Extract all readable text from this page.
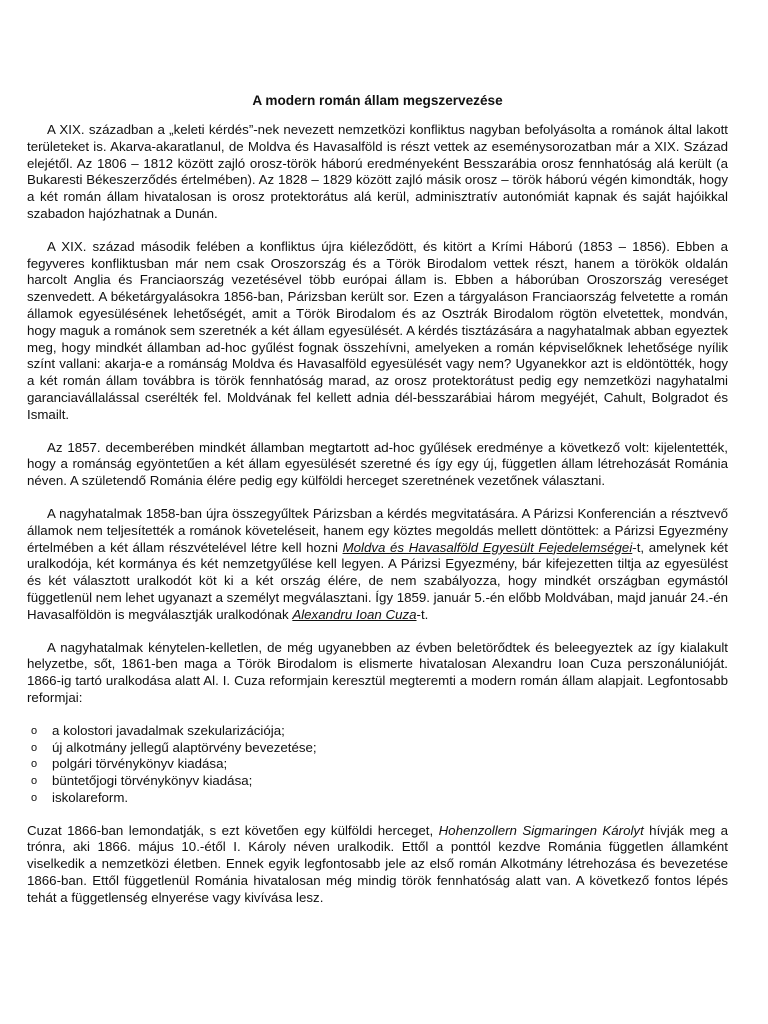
A modern román állam megszervezése

A XIX. században a „keleti kérdés”-nek nevezett nemzetközi konfliktus nagyban befolyásolta a románok által lakott területeket is. Akarva-akaratlanul, de Moldva és Havasalföld is részt vettek az eseménysorozatban már a XIX. Század elejétől. Az 1806 – 1812 között zajló orosz-török háború eredményeként Besszarábia orosz fennhatóság alá került (a Bukaresti Békeszerződés értelmében). Az 1828 – 1829 között zajló másik orosz – török háború végén kimondták, hogy a két román állam hivatalosan is orosz protektorátus alá kerül, adminisztratív autonómiát kapnak és saját hajóikkal szabadon hajózhatnak a Dunán.

A XIX. század második felében a konfliktus újra kiéleződött, és kitört a Krími Háború (1853 – 1856). Ebben a fegyveres konfliktusban már nem csak Oroszország és a Török Birodalom vettek részt, hanem a törökök oldalán harcolt Anglia és Franciaország vezetésével több európai állam is. Ebben a háborúban Oroszország vereséget szenvedett. A béketárgyalásokra 1856-ban, Párizsban került sor. Ezen a tárgyaláson Franciaország felvetette a román államok egyesülésének lehetőségét, amit a Török Birodalom és az Osztrák Birodalom rögtön elvetettek, mondván, hogy maguk a románok sem szeretnék a két állam egyesülését. A kérdés tisztázására a nagyhatalmak abban egyeztek meg, hogy mindkét államban ad-hoc gyűlést fognak összehívni, amelyeken a román képviselőknek lehetősége nyílik színt vallani: akarja-e a románság Moldva és Havasalföld egyesülését vagy nem? Ugyanekkor azt is eldöntötték, hogy a két román állam továbbra is török fennhatóság marad, az orosz protektorátust pedig egy nemzetközi nagyhatalmi garanciavállalással cserélték fel. Moldvának fel kellett adnia dél-besszarábiai három megyéjét, Cahult, Bolgradot és Ismailt.

Az 1857. decemberében mindkét államban megtartott ad-hoc gyűlések eredménye a következő volt: kijelentették, hogy a románság egyöntetűen a két állam egyesülését szeretné és így egy új, független állam létrehozását Románia néven. A születendő Románia élére pedig egy külföldi herceget szeretnének vezetőnek választani.

A nagyhatalmak 1858-ban újra összegyűltek Párizsban a kérdés megvitatására. A Párizsi Konferencián a résztvevő államok nem teljesítették a románok követeléseit, hanem egy köztes megoldás mellett döntöttek: a Párizsi Egyezmény értelmében a két állam részvételével létre kell hozni Moldva és Havasalföld Egyesült Fejedelemségei-t, amelynek két uralkodója, két kormánya és két nemzetgyűlése kell legyen. A Párizsi Egyezmény, bár kifejezetten tiltja az egyesülést és két választott uralkodót köt ki a két ország élére, de nem szabályozza, hogy mindkét országban egymástól függetlenül nem lehet ugyanazt a személyt megválasztani. Így 1859. január 5.-én előbb Moldvában, majd január 24.-én Havasalföldön is megválasztják uralkodónak Alexandru Ioan Cuza-t.

A nagyhatalmak kénytelen-kelletlen, de még ugyanebben az évben beletörődtek és beleegyeztek az így kialakult helyzetbe, sőt, 1861-ben maga a Török Birodalom is elismerte hivatalosan Alexandru Ioan Cuza perszonálunióját. 1866-ig tartó uralkodása alatt Al. I. Cuza reformjain keresztül megteremti a modern román állam alapjait. Legfontosabb reformjai:

o a kolostori javadalmak szekularizációja;
o új alkotmány jellegű alaptörvény bevezetése;
o polgári törvénykönyv kiadása;
o büntetőjogi törvénykönyv kiadása;
o iskolareform.

Cuzat 1866-ban lemondatják, s ezt követően egy külföldi herceget, Hohenzollern Sigmaringen Károlyt hívják meg a trónra, aki 1866. május 10.-étől I. Károly néven uralkodik. Ettől a ponttól kezdve Románia független államként viselkedik a nemzetközi életben. Ennek egyik legfontosabb jele az első román Alkotmány létrehozása és bevezetése 1866-ban. Ettől függetlenül Románia hivatalosan még mindig török fennhatóság alatt van. A következő fontos lépés tehát a függetlenség elnyerése vagy kivívása lesz.
